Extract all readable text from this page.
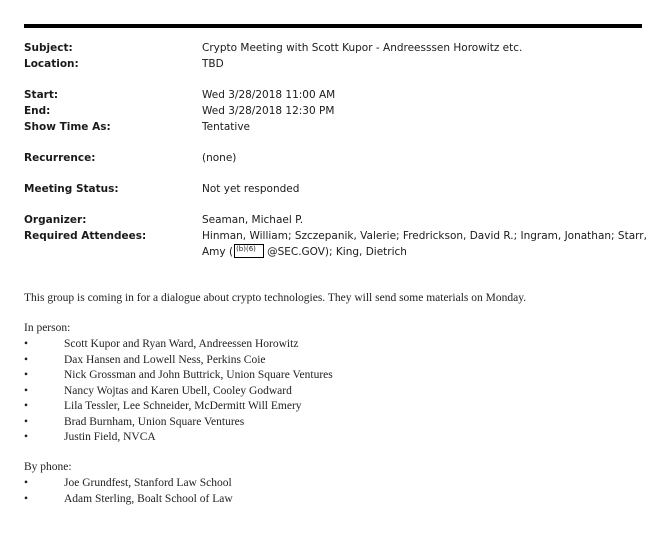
Subject:	Crypto Meeting with Scott Kupor - Andreesssen Horowitz etc.
Location:	TBD
Start:	Wed 3/28/2018 11:00 AM
End:	Wed 3/28/2018 12:30 PM
Show Time As:	Tentative
Recurrence:	(none)
Meeting Status:	Not yet responded
Organizer:	Seaman, Michael P.
Required Attendees:	Hinman, William; Szczepanik, Valerie; Fredrickson, David R.; Ingram, Jonathan; Starr,
Amy ( (b)(6) @SEC.GOV); King, Dietrich
This group is coming in for a dialogue about crypto technologies. They will send some materials on Monday.
In person:
•	Scott Kupor and Ryan Ward, Andreessen Horowitz
•	Dax Hansen and Lowell Ness, Perkins Coie
•	Nick Grossman and John Buttrick, Union Square Ventures
•	Nancy Wojtas and Karen Ubell, Cooley Godward
•	Lila Tessler, Lee Schneider, McDermitt Will Emery
•	Brad Burnham, Union Square Ventures
•	Justin Field, NVCA
By phone:
•	Joe Grundfest, Stanford Law School
•	Adam Sterling, Boalt School of Law
